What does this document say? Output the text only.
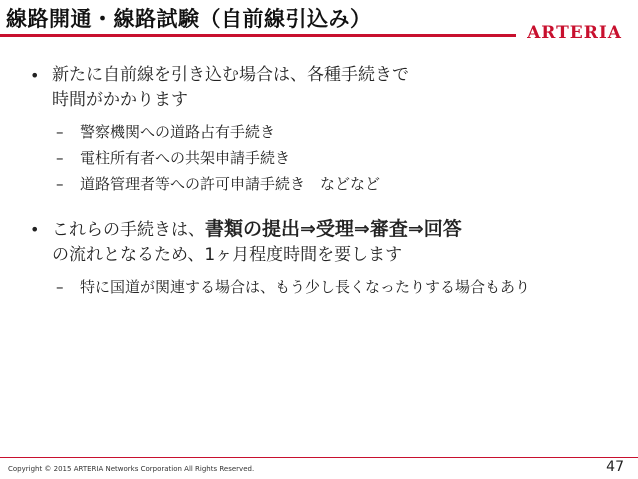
線路開通・線路試験（自前線引込み）
ARTERIA
• 新たに自前線を引き込む場合は、各種手続きで
時間がかかります
– 警察機関への道路占有手続き
– 電柱所有者への共架申請手続き
– 道路管理者等への許可申請手続き　などなど
• これらの手続きは、書類の提出⇒受理⇒審査⇒回答
の流れとなるため、1ヶ月程度時間を要します
– 特に国道が関連する場合は、もう少し長くなったりする場合もあり
Copyright © 2015 ARTERIA Networks Corporation All Rights Reserved.	47
